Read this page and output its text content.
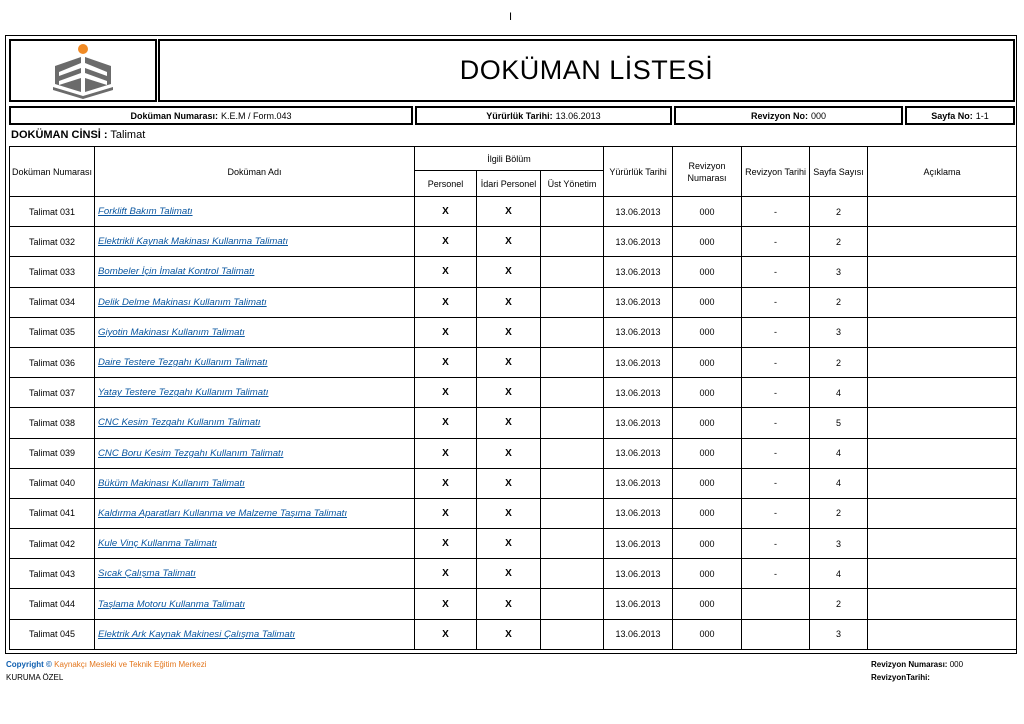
I
DOKÜMAN LİSTESİ
Doküman Numarası: K.E.M / Form.043	Yürürlük Tarihi: 13.06.2013	Revizyon No: 000	Sayfa No: 1-1
DOKÜMAN CİNSİ : Talimat
Doküman Numarası	Doküman Adı	İlgili Bölüm			Yürürlük Tarihi	Revizyon Numarası	Revizyon Tarihi	Sayfa Sayısı	Açıklama
		Personel	İdari Personel	Üst Yönetim					
Talimat 031	Forklift Bakım Talimatı	X	X		13.06.2013	000	-	2	
Talimat 032	Elektrikli Kaynak Makinası Kullanma Talimatı	X	X		13.06.2013	000	-	2	
Talimat 033	Bombeler İçin İmalat Kontrol Talimatı	X	X		13.06.2013	000	-	3	
Talimat 034	Delik Delme Makinası Kullanım Talimatı	X	X		13.06.2013	000	-	2	
Talimat 035	Giyotin Makinası Kullanım Talimatı	X	X		13.06.2013	000	-	3	
Talimat 036	Daire Testere Tezgahı Kullanım Talimatı	X	X		13.06.2013	000	-	2	
Talimat 037	Yatay Testere Tezgahı Kullanım Talimatı	X	X		13.06.2013	000	-	4	
Talimat 038	CNC Kesim Tezgahı Kullanım Talimatı	X	X		13.06.2013	000	-	5	
Talimat 039	CNC Boru Kesim Tezgahı Kullanım Talimatı	X	X		13.06.2013	000	-	4	
Talimat 040	Büküm Makinası Kullanım Talimatı	X	X		13.06.2013	000	-	4	
Talimat 041	Kaldırma Aparatları Kullanma ve Malzeme Taşıma Talimatı	X	X		13.06.2013	000	-	2	
Talimat 042	Kule Vinç Kullanma Talimatı	X	X		13.06.2013	000	-	3	
Talimat 043	Sıcak Çalışma Talimatı	X	X		13.06.2013	000	-	4	
Talimat 044	Taşlama Motoru Kullanma Talimatı	X	X		13.06.2013	000		2	
Talimat 045	Elektrik Ark Kaynak Makinesi Çalışma Talimatı	X	X		13.06.2013	000		3	
Copyright © Kaynakçı Mesleki ve Teknik Eğitim Merkezi
KURUMA ÖZEL
Revizyon Numarası: 000
RevizyonTarihi:
